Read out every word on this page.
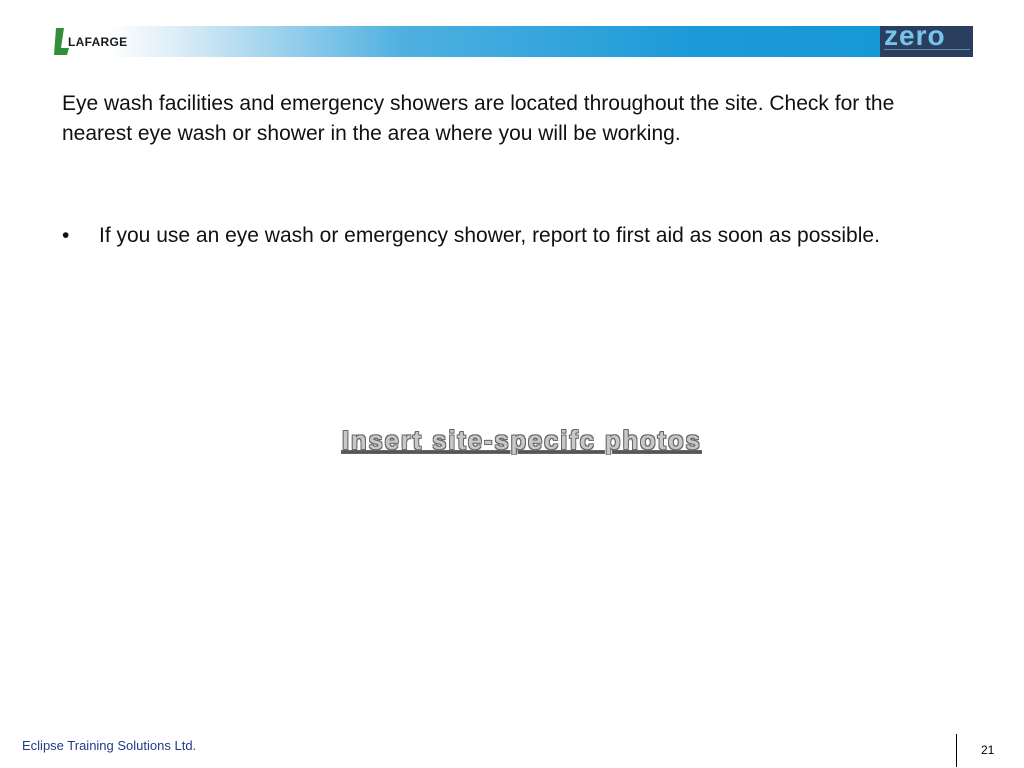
LAFARGE	zero

Eye wash facilities and emergency showers are located throughout the site. Check for the nearest eye wash or shower in the area where you will be working.

• If you use an eye wash or emergency shower, report to first aid as soon as possible.
Insert site-specifc photos
Eclipse Training Solutions Ltd.	21
